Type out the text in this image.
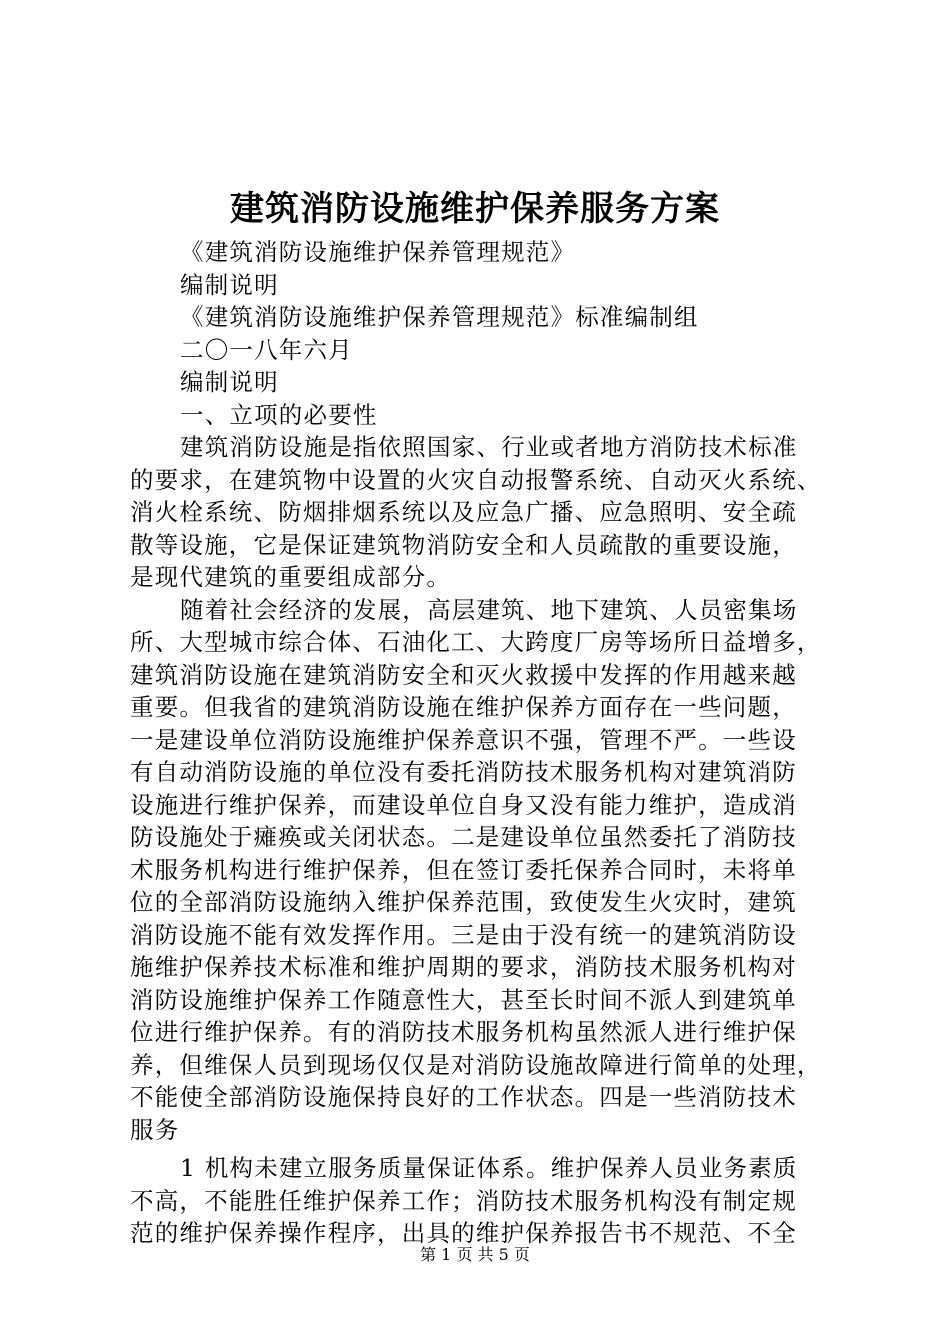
建筑消防设施维护保养服务方案
《建筑消防设施维护保养管理规范》
编制说明
《建筑消防设施维护保养管理规范》标准编制组
二〇一八年六月
编制说明
一、立项的必要性
建筑消防设施是指依照国家、行业或者地方消防技术标准
的要求，在建筑物中设置的火灾自动报警系统、自动灭火系统、
消火栓系统、防烟排烟系统以及应急广播、应急照明、安全疏
散等设施，它是保证建筑物消防安全和人员疏散的重要设施，
是现代建筑的重要组成部分。
随着社会经济的发展，高层建筑、地下建筑、人员密集场
所、大型城市综合体、石油化工、大跨度厂房等场所日益增多，
建筑消防设施在建筑消防安全和灭火救援中发挥的作用越来越
重要。但我省的建筑消防设施在维护保养方面存在一些问题，
一是建设单位消防设施维护保养意识不强，管理不严。一些设
有自动消防设施的单位没有委托消防技术服务机构对建筑消防
设施进行维护保养，而建设单位自身又没有能力维护，造成消
防设施处于瘫痪或关闭状态。二是建设单位虽然委托了消防技
术服务机构进行维护保养，但在签订委托保养合同时，未将单
位的全部消防设施纳入维护保养范围，致使发生火灾时，建筑
消防设施不能有效发挥作用。三是由于没有统一的建筑消防设
施维护保养技术标准和维护周期的要求，消防技术服务机构对
消防设施维护保养工作随意性大，甚至长时间不派人到建筑单
位进行维护保养。有的消防技术服务机构虽然派人进行维护保
养，但维保人员到现场仅仅是对消防设施故障进行简单的处理，
不能使全部消防设施保持良好的工作状态。四是一些消防技术
服务
1 机构未建立服务质量保证体系。维护保养人员业务素质
不高，不能胜任维护保养工作；消防技术服务机构没有制定规
范的维护保养操作程序，出具的维护保养报告书不规范、不全
第 1 页 共 5 页
